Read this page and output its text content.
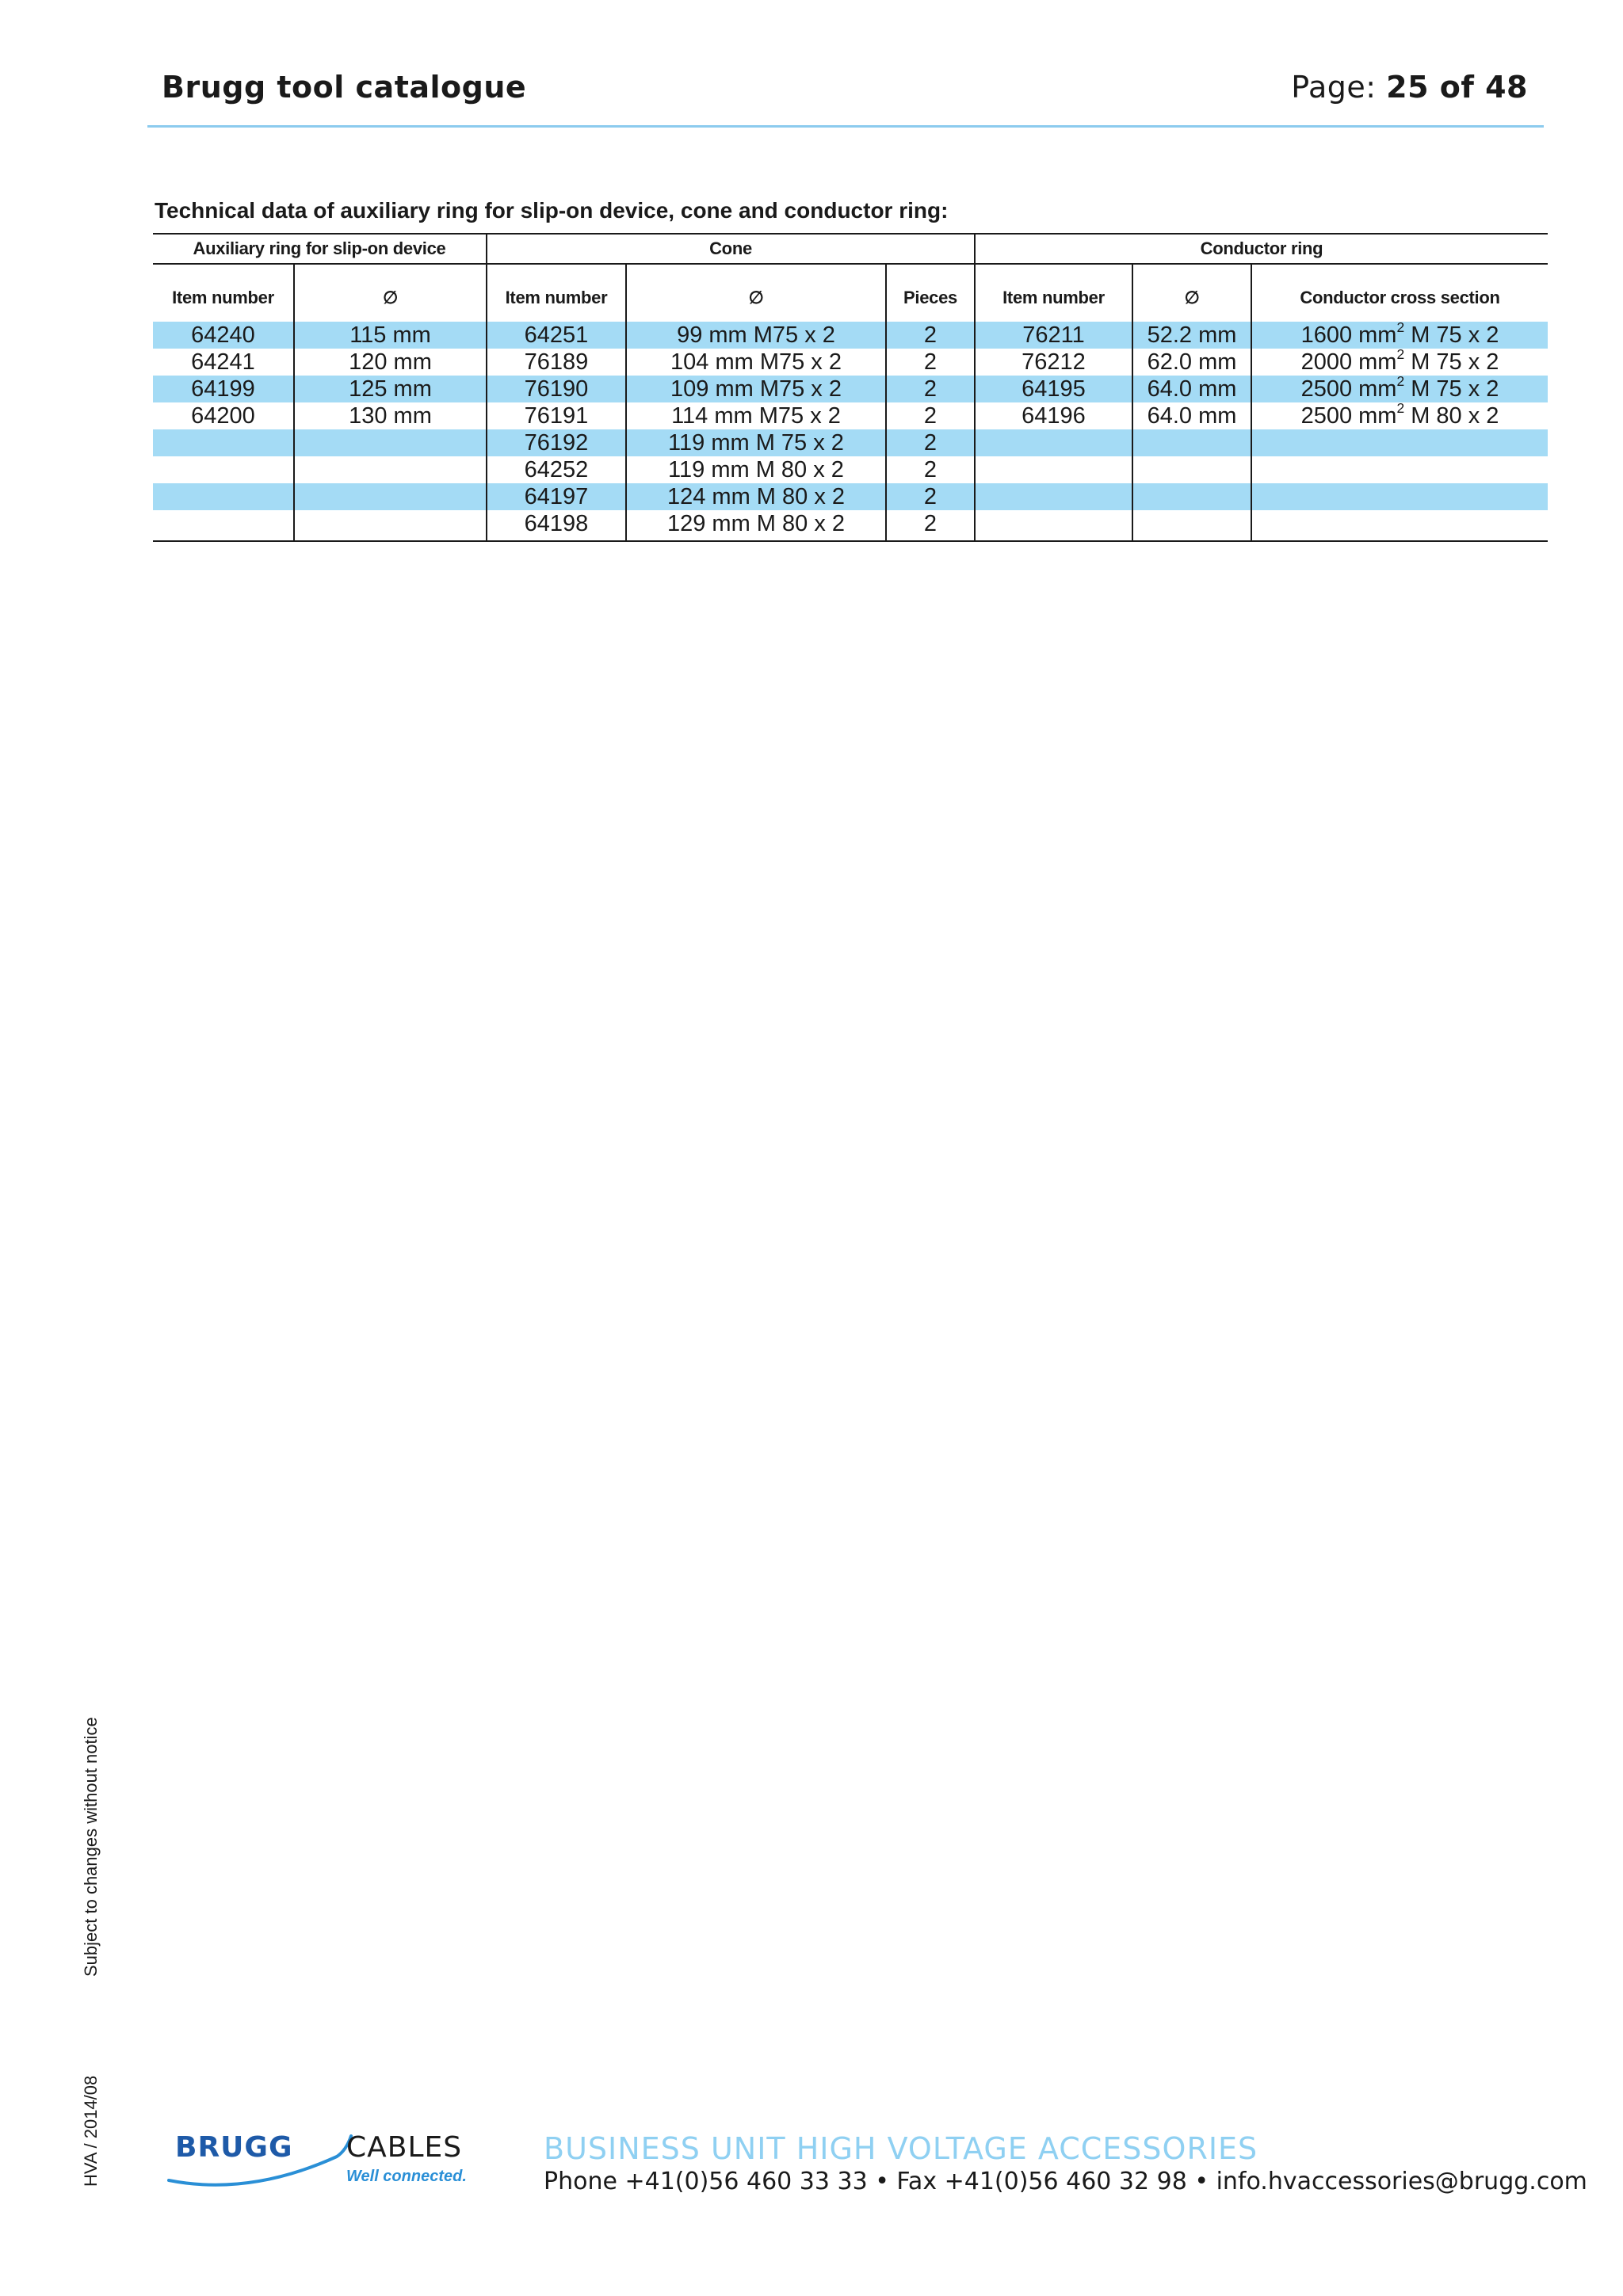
Brugg tool catalogue	Page: 25 of 48
Technical data of auxiliary ring for slip-on device, cone and conductor ring:
Auxiliary ring for slip-on device		Cone			Conductor ring		
Item number	∅	Item number	∅	Pieces	Item number	∅	Conductor cross section
64240	115 mm	64251	99 mm M75 x 2	2	76211	52.2 mm	1600 $mm^2$ M 75 x 2
64241	120 mm	76189	104 mm M75 x 2	2	76212	62.0 mm	2000 $mm^2$ M 75 x 2
64199	125 mm	76190	109 mm M75 x 2	2	64195	64.0 mm	2500 $mm^2$ M 75 x 2
64200	130 mm	76191	114 mm M75 x 2	2	64196	64.0 mm	2500 $mm^2$ M 80 x 2
		76192	119 mm M 75 x 2	2			
		64252	119 mm M 80 x 2	2			
		64197	124 mm M 80 x 2	2			
		64198	129 mm M 80 x 2	2			
Subject to changes without notice
HVA / 2014/08	BRUGG CABLES
Well connected.
BUSINESS UNIT HIGH VOLTAGE ACCESSORIES
Phone +41(0)56 460 33 33 • Fax +41(0)56 460 32 98 • info.hvaccessories@brugg.com
